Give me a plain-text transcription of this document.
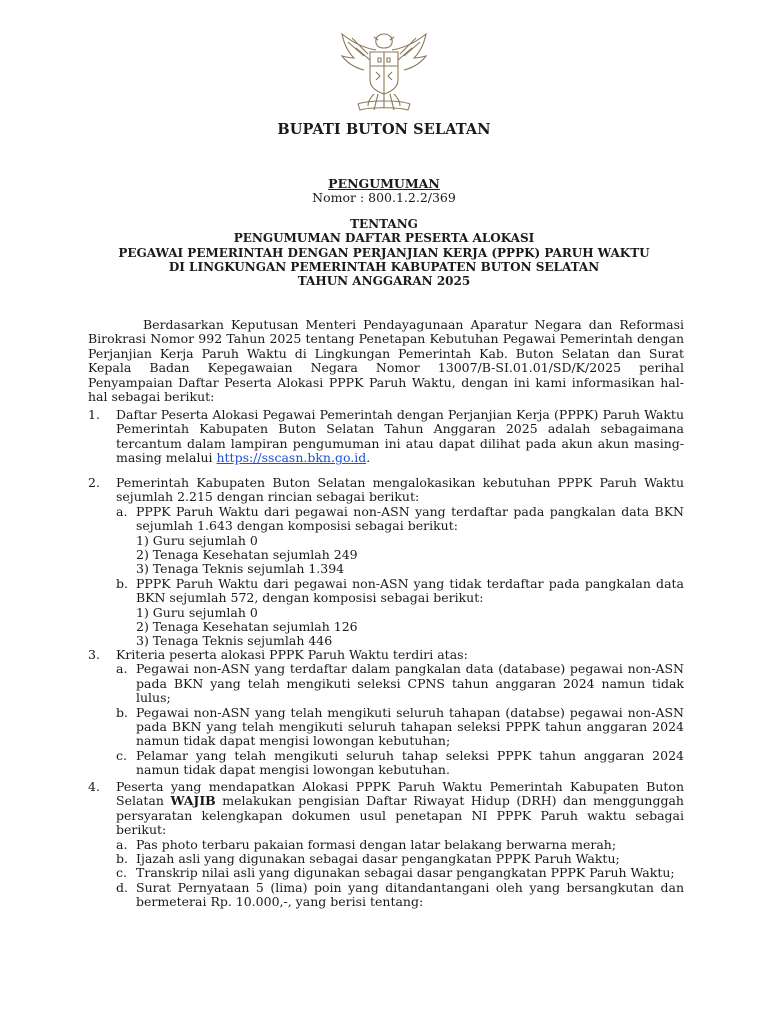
BUPATI BUTON SELATAN
PENGUMUMAN
Nomor : 800.1.2.2/369
TENTANG
PENGUMUMAN DAFTAR PESERTA ALOKASI
PEGAWAI PEMERINTAH DENGAN PERJANJIAN KERJA (PPPK) PARUH WAKTU
DI LINGKUNGAN PEMERINTAH KABUPATEN BUTON SELATAN
TAHUN ANGGARAN 2025
Berdasarkan Keputusan Menteri Pendayagunaan Aparatur Negara dan Reformasi Birokrasi Nomor 992 Tahun 2025 tentang Penetapan Kebutuhan Pegawai Pemerintah dengan Perjanjian Kerja Paruh Waktu di Lingkungan Pemerintah Kab. Buton Selatan dan Surat Kepala Badan Kepegawaian Negara Nomor 13007/B-SI.01.01/SD/K/2025 perihal Penyampaian Daftar Peserta Alokasi PPPK Paruh Waktu, dengan ini kami informasikan hal-hal sebagai berikut:
1.	Daftar Peserta Alokasi Pegawai Pemerintah dengan Perjanjian Kerja (PPPK) Paruh Waktu Pemerintah Kabupaten Buton Selatan Tahun Anggaran 2025 adalah sebagaimana tercantum dalam lampiran pengumuman ini atau dapat dilihat pada akun akun masing-masing melalui https://sscasn.bkn.go.id.
2.	Pemerintah Kabupaten Buton Selatan mengalokasikan kebutuhan PPPK Paruh Waktu sejumlah 2.215 dengan rincian sebagai berikut:
a. PPPK Paruh Waktu dari pegawai non-ASN yang terdaftar pada pangkalan data BKN sejumlah 1.643 dengan komposisi sebagai berikut:
1) Guru sejumlah 0
2) Tenaga Kesehatan sejumlah 249
3) Tenaga Teknis sejumlah 1.394
b. PPPK Paruh Waktu dari pegawai non-ASN yang tidak terdaftar pada pangkalan data BKN sejumlah 572, dengan komposisi sebagai berikut:
1) Guru sejumlah 0
2) Tenaga Kesehatan sejumlah 126
3) Tenaga Teknis sejumlah 446
3.	Kriteria peserta alokasi PPPK Paruh Waktu terdiri atas:
a. Pegawai non-ASN yang terdaftar dalam pangkalan data (database) pegawai non-ASN pada BKN yang telah mengikuti seleksi CPNS tahun anggaran 2024 namun tidak lulus;
b. Pegawai non-ASN yang telah mengikuti seluruh tahapan (databse) pegawai non-ASN pada BKN yang telah mengikuti seluruh tahapan seleksi PPPK tahun anggaran 2024 namun tidak dapat mengisi lowongan kebutuhan;
c. Pelamar yang telah mengikuti seluruh tahap seleksi PPPK tahun anggaran 2024 namun tidak dapat mengisi lowongan kebutuhan.
4.	Peserta yang mendapatkan Alokasi PPPK Paruh Waktu Pemerintah Kabupaten Buton Selatan WAJIB melakukan pengisian Daftar Riwayat Hidup (DRH) dan menggunggah persyaratan kelengkapan dokumen usul penetapan NI PPPK Paruh waktu sebagai berikut:
a. Pas photo terbaru pakaian formasi dengan latar belakang berwarna merah;
b. Ijazah asli yang digunakan sebagai dasar pengangkatan PPPK Paruh Waktu;
c. Transkrip nilai asli yang digunakan sebagai dasar pengangkatan PPPK Paruh Waktu;
d. Surat Pernyataan 5 (lima) poin yang ditandantangani oleh yang bersangkutan dan bermeterai Rp. 10.000,-, yang berisi tentang:
